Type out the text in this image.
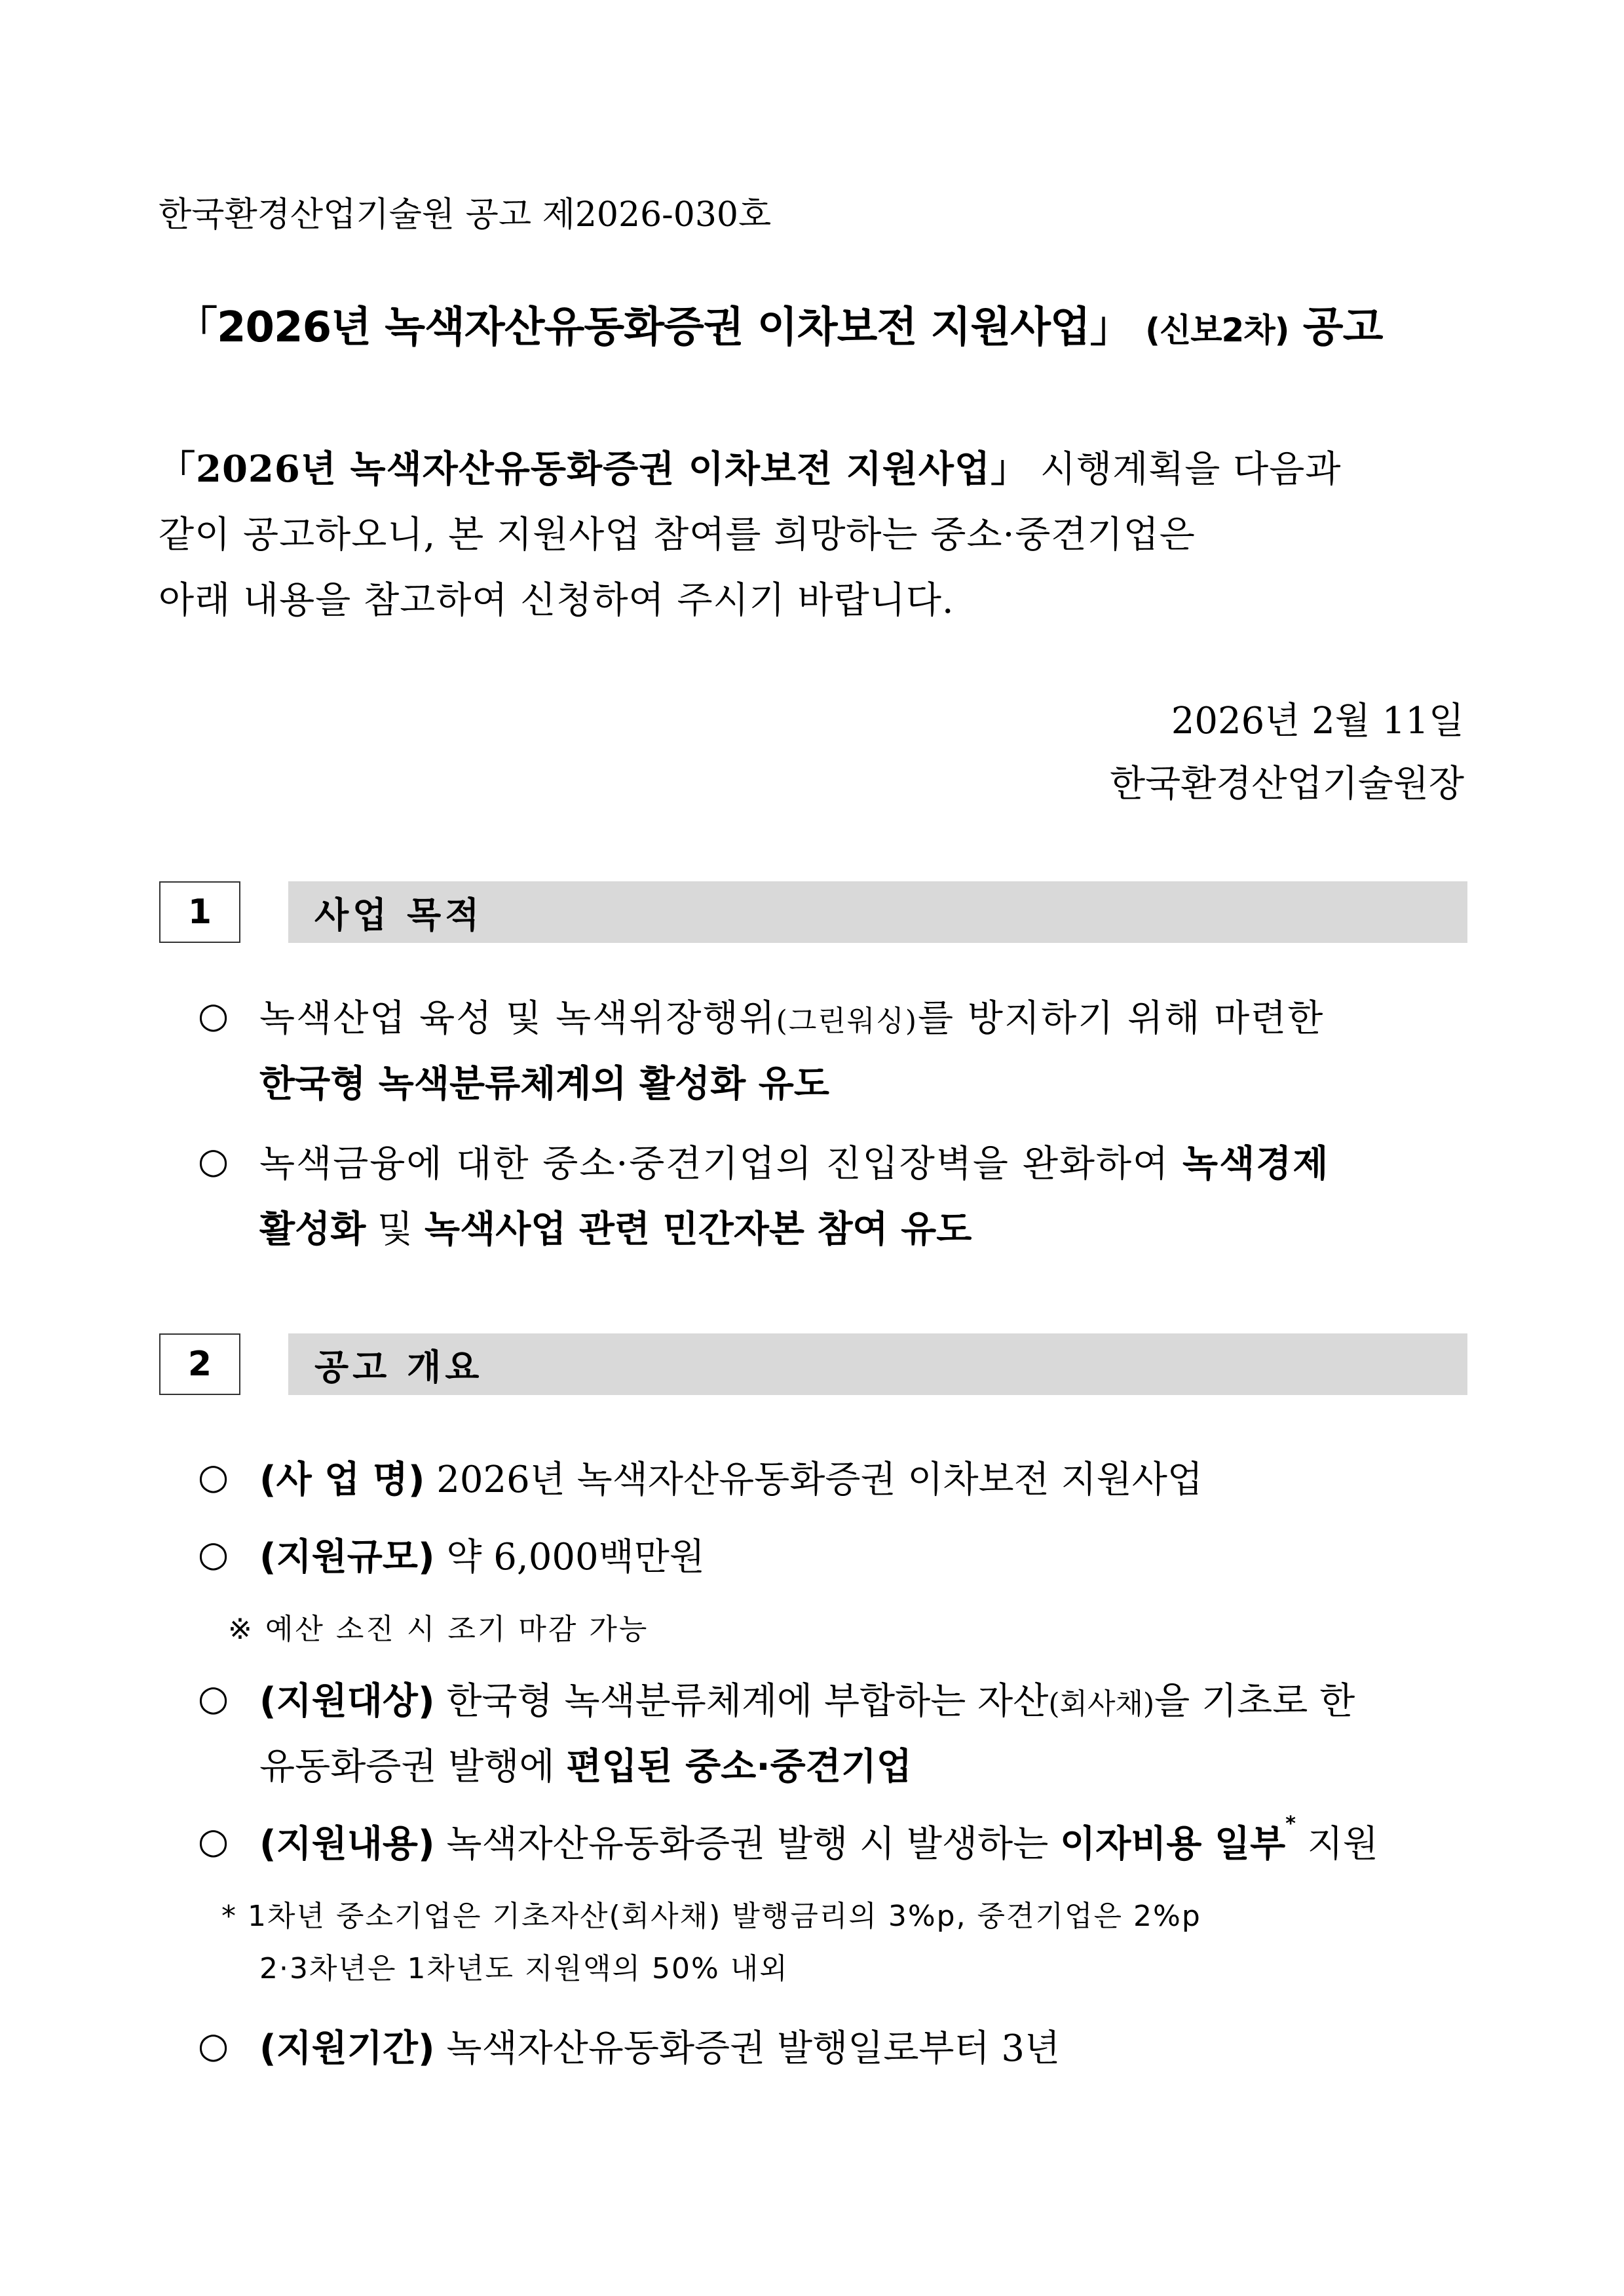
한국환경산업기술원 공고 제2026-030호
「2026년 녹색자산유동화증권 이차보전 지원사업」 (신보2차) 공고
「2026년 녹색자산유동화증권 이차보전 지원사업」 시행계획을 다음과
같이 공고하오니, 본 지원사업 참여를 희망하는 중소·중견기업은
아래 내용을 참고하여 신청하여 주시기 바랍니다.
2026년 2월 11일
한국환경산업기술원장
1	사업 목적
○ 녹색산업 육성 및 녹색위장행위(그린워싱)를 방지하기 위해 마련한
한국형 녹색분류체계의 활성화 유도
○ 녹색금융에 대한 중소·중견기업의 진입장벽을 완화하여 녹색경제
활성화 및 녹색사업 관련 민간자본 참여 유도
2	공고 개요
○ (사 업 명) 2026년 녹색자산유동화증권 이차보전 지원사업
○ (지원규모) 약 6,000백만원
※ 예산 소진 시 조기 마감 가능
○ (지원대상) 한국형 녹색분류체계에 부합하는 자산(회사채)을 기초로 한
유동화증권 발행에 편입된 중소·중견기업
○ (지원내용) 녹색자산유동화증권 발행 시 발생하는 이자비용 일부* 지원
* 1차년 중소기업은 기초자산(회사채) 발행금리의 3%p, 중견기업은 2%p
2·3차년은 1차년도 지원액의 50% 내외
○ (지원기간) 녹색자산유동화증권 발행일로부터 3년
